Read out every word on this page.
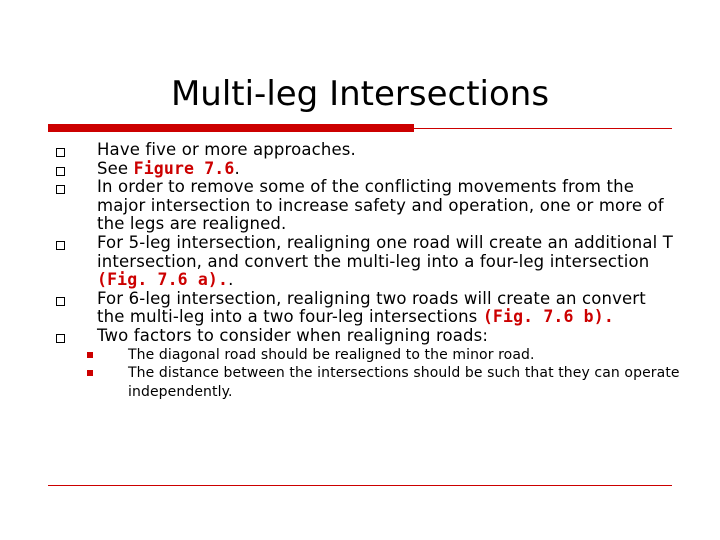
Multi-leg Intersections
Have five or more approaches.
See Figure 7.6.
In order to remove some of the conflicting movements from the major intersection to increase safety and operation, one or more of the legs are realigned.
For 5-leg intersection, realigning one road will create an additional T intersection, and convert the multi-leg into a four-leg intersection (Fig. 7.6 a)..
For 6-leg intersection, realigning two roads will create an convert the multi-leg into a two four-leg intersections (Fig. 7.6 b).
Two factors to consider when realigning roads:
The diagonal road should be realigned to the minor road.
The distance between the intersections should be such that they can operate independently.
